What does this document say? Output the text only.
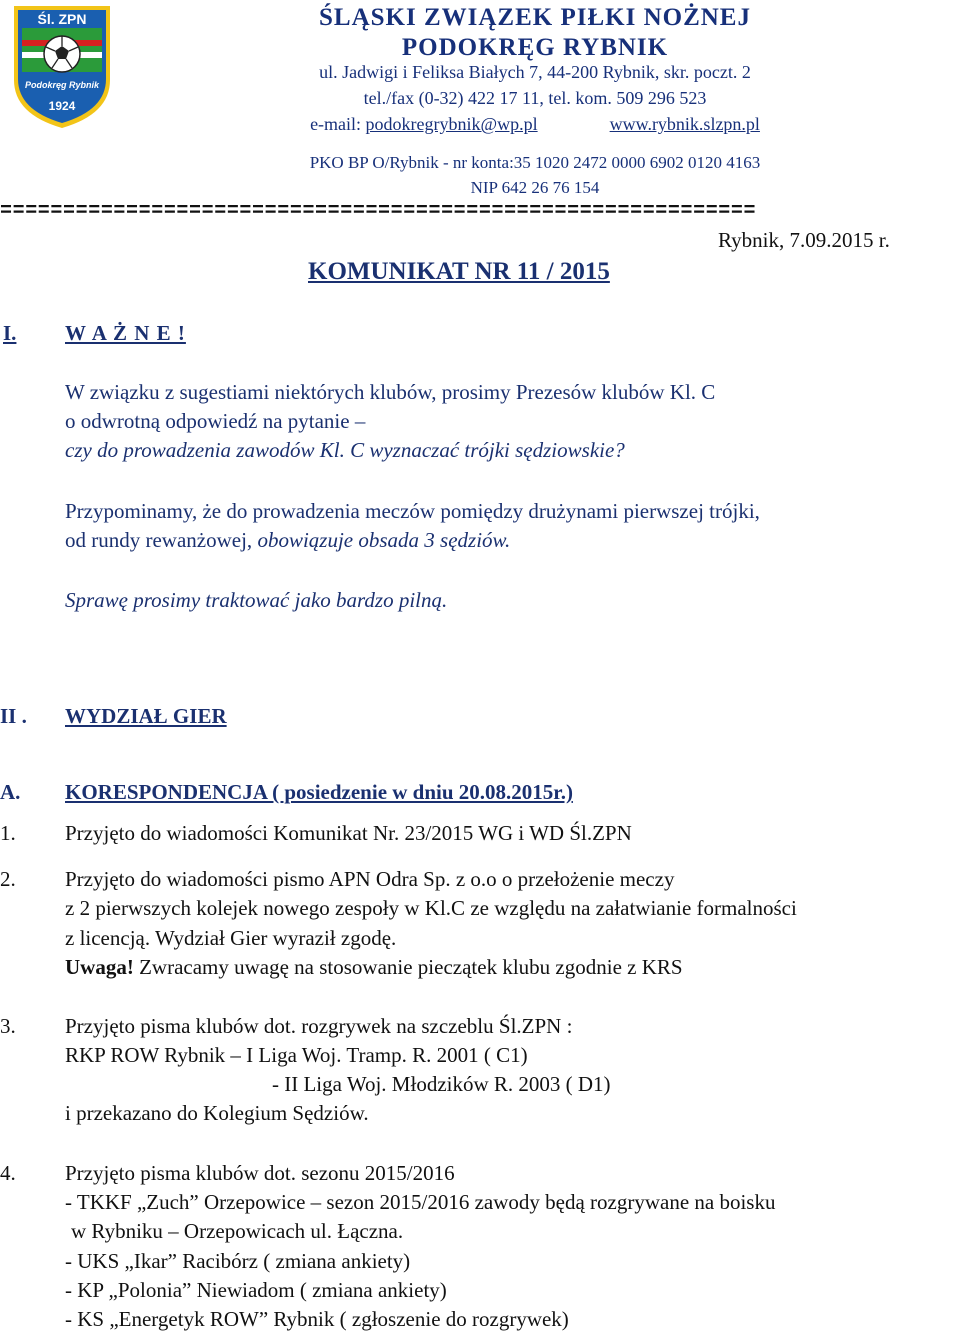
Śl. ZPN
Podokręg Rybnik
1924
ŚLĄSKI ZWIĄZEK PIŁKI NOŻNEJ
PODOKRĘG RYBNIK
ul. Jadwigi i Feliksa Białych 7, 44-200 Rybnik, skr. poczt. 2
tel./fax (0-32) 422 17 11, tel. kom. 509 296 523
e-mail: podokregrybnik@wp.pl	www.rybnik.slzpn.pl
PKO BP O/Rybnik - nr konta:35 1020 2472 0000 6902 0120 4163
NIP 642 26 76 154
============================================================
Rybnik, 7.09.2015 r.
KOMUNIKAT NR 11 / 2015
I. W A Ż N E !
W związku z sugestiami niektórych klubów, prosimy Prezesów klubów Kl. C
o odwrotną odpowiedź na pytanie –
czy do prowadzenia zawodów Kl. C wyznaczać trójki sędziowskie?
Przypominamy, że do prowadzenia meczów pomiędzy drużynami pierwszej trójki,
od rundy rewanżowej, obowiązuje obsada 3 sędziów.
Sprawę prosimy traktować jako bardzo pilną.
II . WYDZIAŁ GIER
A. KORESPONDENCJA ( posiedzenie w dniu 20.08.2015r.)
1. Przyjęto do wiadomości Komunikat Nr. 23/2015 WG i WD Śl.ZPN
2. Przyjęto do wiadomości pismo APN Odra Sp. z o.o o przełożenie meczy
z 2 pierwszych kolejek nowego zespoły w Kl.C ze względu na załatwianie formalności
z licencją. Wydział Gier wyraził zgodę.
Uwaga! Zwracamy uwagę na stosowanie pieczątek klubu zgodnie z KRS
3. Przyjęto pisma klubów dot. rozgrywek na szczeblu Śl.ZPN :
RKP ROW Rybnik – I Liga Woj. Tramp. R. 2001 ( C1)
- II Liga Woj. Młodzików R. 2003 ( D1)
i przekazano do Kolegium Sędziów.
4. Przyjęto pisma klubów dot. sezonu 2015/2016
- TKKF „Zuch” Orzepowice – sezon 2015/2016 zawody będą rozgrywane na boisku
w Rybniku – Orzepowicach ul. Łączna.
- UKS „Ikar” Racibórz ( zmiana ankiety)
- KP „Polonia” Niewiadom ( zmiana ankiety)
- KS „Energetyk ROW” Rybnik ( zgłoszenie do rozgrywek)
